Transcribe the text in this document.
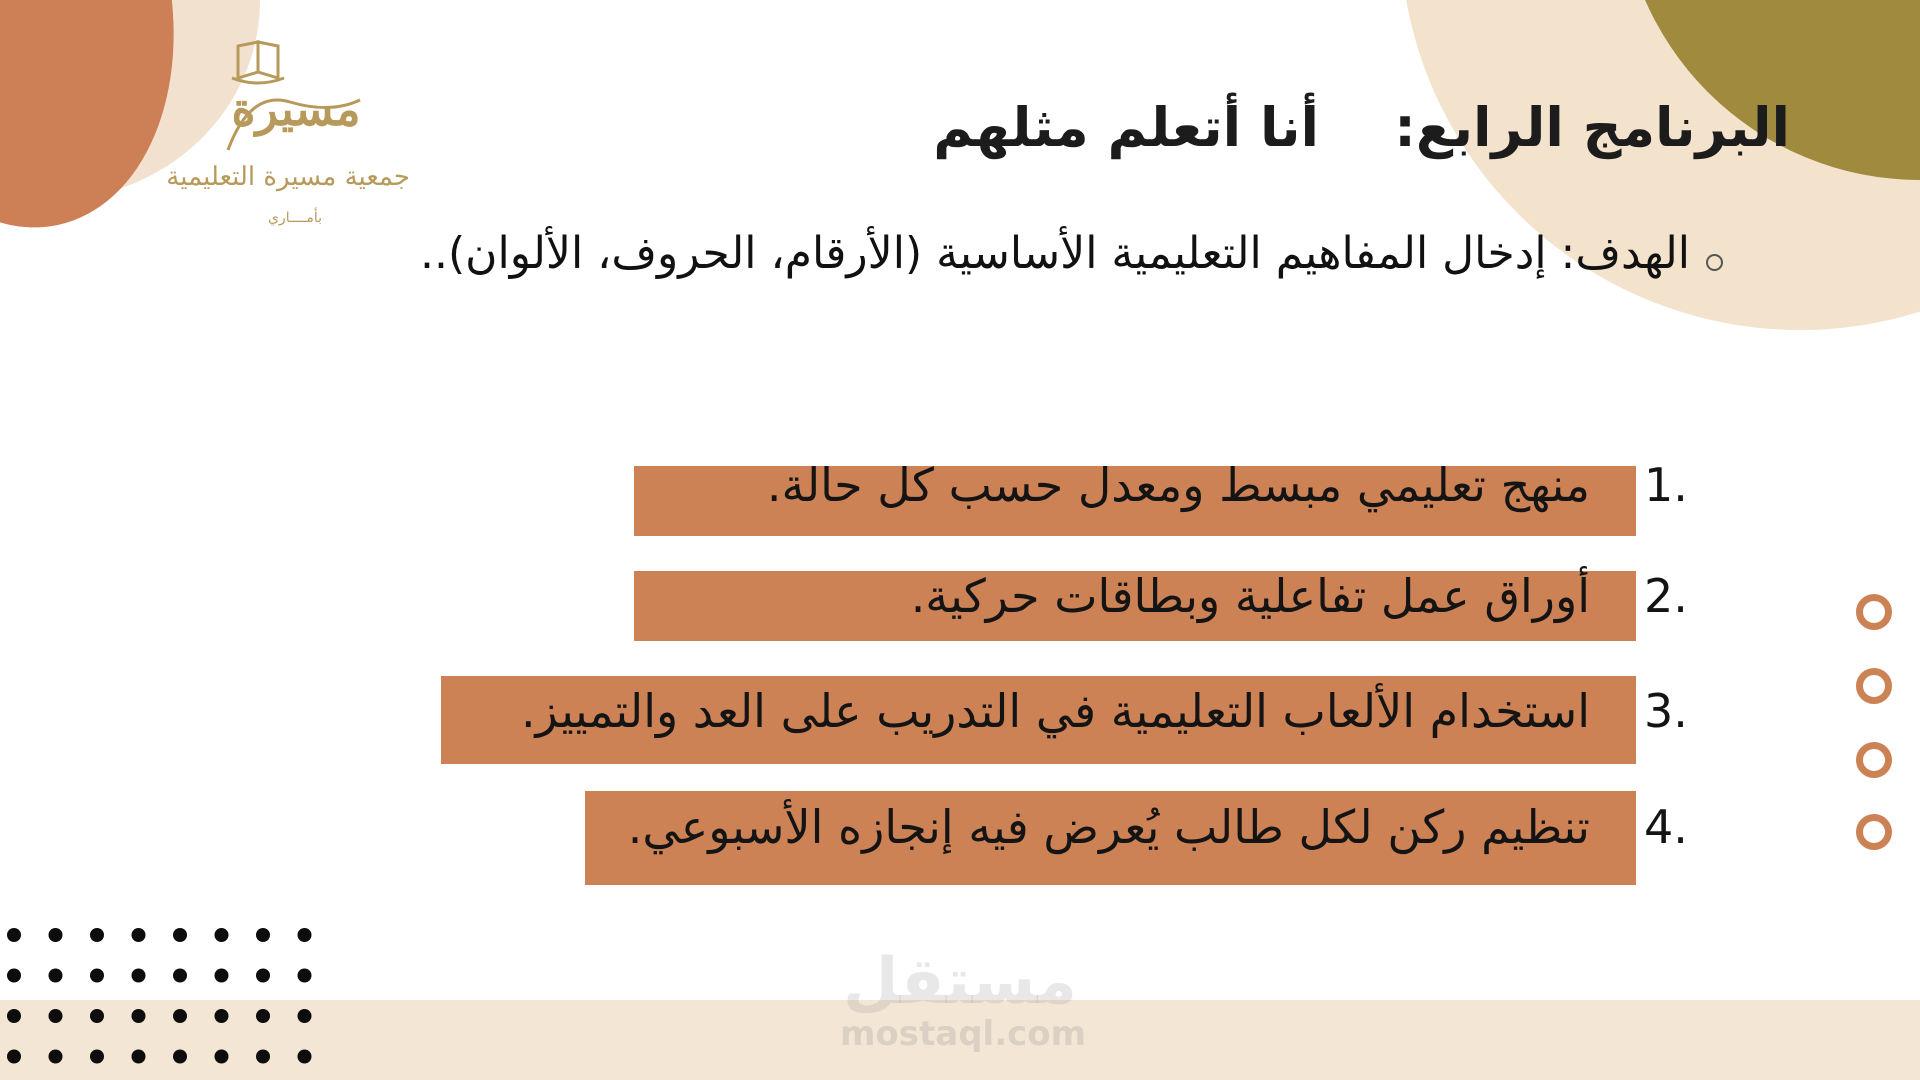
مسيرة
جمعية مسيرة التعليمية
بأمــــاري
البرنامج الرابع:    أنا أتعلم مثلهم
الهدف: إدخال المفاهيم التعليمية الأساسية (الأرقام، الحروف، الألوان)..
منهج تعليمي مبسط ومعدل حسب كل حالة. 1.
أوراق عمل تفاعلية وبطاقات حركية. 2.
استخدام الألعاب التعليمية في التدريب على العد والتمييز. 3.
تنظيم ركن لكل طالب يُعرض فيه إنجازه الأسبوعي. 4.
مستقل
mostaql.com
